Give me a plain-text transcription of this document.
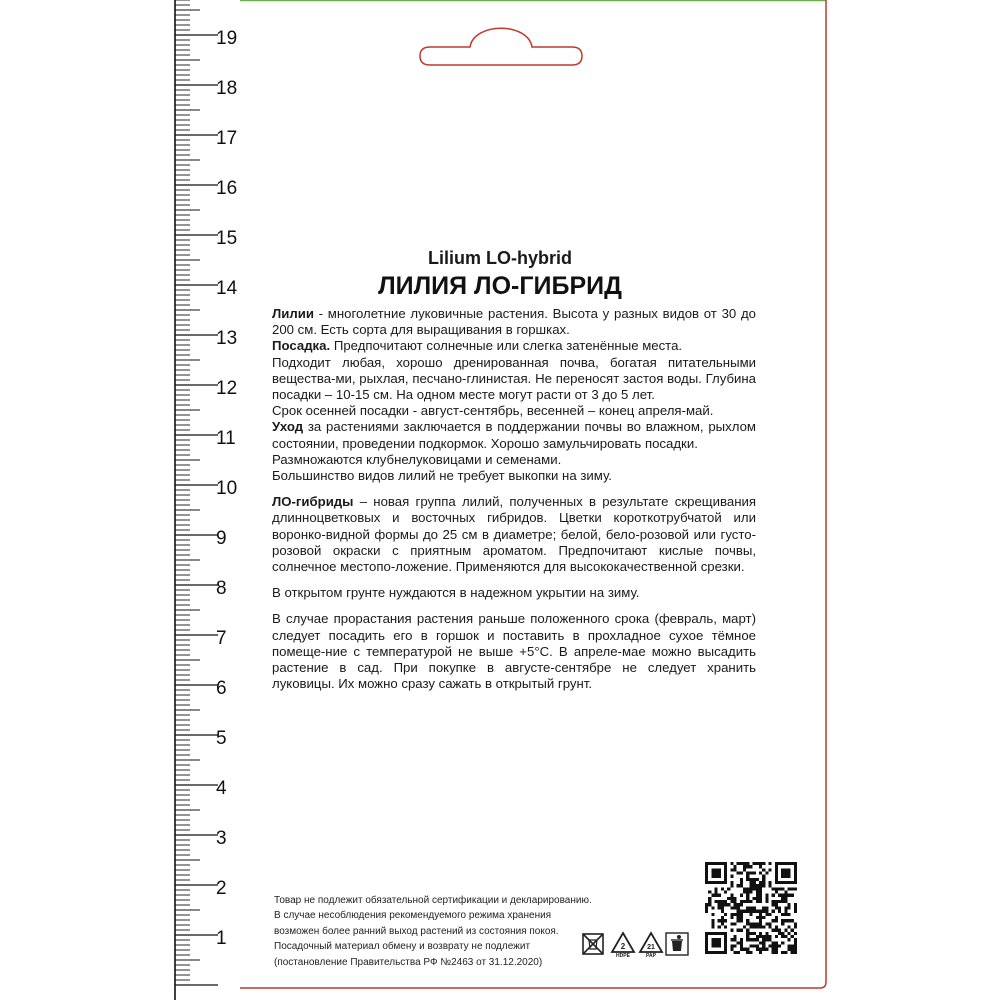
19
18
17
16
15
14
13
12
11
10
9
8
7
6
5
4
3
2
1
Lilium LO-hybrid
ЛИЛИЯ ЛО-ГИБРИД

Лилии - многолетние луковичные растения. Высота у разных видов от 30 до 200 см. Есть сорта для выращивания в горшках.

Посадка. Предпочитают солнечные или слегка затенённые места.

Подходит любая, хорошо дренированная почва, богатая питательными вещества-ми, рыхлая, песчано-глинистая. Не переносят застоя воды. Глубина посадки – 10-15 см. На одном месте могут расти от 3 до 5 лет.

Срок осенней посадки - август-сентябрь, весенней – конец апреля-май.

Уход за растениями заключается в поддержании почвы во влажном, рыхлом состоянии, проведении подкормок. Хорошо замульчировать посадки.

Размножаются клубнелуковицами и семенами.

Большинство видов лилий не требует выкопки на зиму.

ЛО-гибриды – новая группа лилий, полученных в результате скрещивания длинноцветковых и восточных гибридов. Цветки короткотрубчатой или воронко-видной формы до 25 см в диаметре; белой, бело-розовой или густо-розовой окраски с приятным ароматом. Предпочитают кислые почвы, солнечное местопо-ложение. Применяются для высококачественной срезки.

В открытом грунте нуждаются в надежном укрытии на зиму.

В случае прорастания растения раньше положенного срока (февраль, март) следует посадить его в горшок и поставить в прохладное сухое тёмное помеще-ние с температурой не выше +5°С. В апреле-мае можно высадить растение в сад. При покупке в августе-сентябре не следует хранить луковицы. Их можно сразу сажать в открытый грунт.

Товар не подлежит обязательной сертификации и декларированию.
В случае несоблюдения рекомендуемого режима хранения
возможен более ранний выход растений из состояния покоя.
Посадочный материал обмену и возврату не подлежит
(постановление Правительства РФ №2463 от 31.12.2020)
2
HDPE
21
PAP
